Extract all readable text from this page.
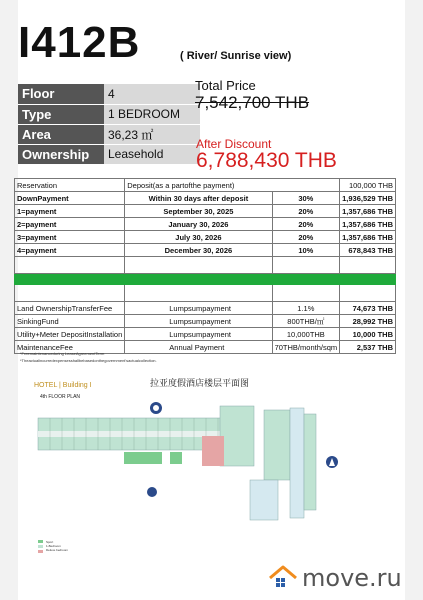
I412B	( River/ Sunrise view)
Floor	4
Type	1 BEDROOM
Area	36,23 ㎡
Ownership	Leasehold
Total Price
7,542,700 THB
After Discount
6,788,430 THB
Reservation	Deposit(as a partofthe payment)		100,000 THB
DownPayment	Within 30 days after deposit	30%	1,936,529 THB
1=payment	September 30, 2025	20%	1,357,686 THB
2=payment	January 30, 2026	20%	1,357,686 THB
3=payment	July 30, 2026	20%	1,357,686 THB
4=payment	December 30, 2026	10%	678,843 THB

Land OwnershipTransferFee	Lumpsumpayment	1.1%	74,673 THB
SinkingFund	Lumpsumpayment	800THB/㎡	28,992 THB
Utility+Meter DepositInstallation	Lumpsumpayment	10,000THB	10,000 THB
MaintenanceFee	Annual Payment	70THB/month/sqm	2,537 THB
*Freemaintenanceduring LeaseAgreementTerm
*Theactualincurredexpensesshallbebasedonthegovernment'sactualcollection.
拉亚度假酒店楼层平面图
HOTEL | Building I
4th FLOOR PLAN
Sport
1-Bedroom
Deluxe bedroom
move.ru
